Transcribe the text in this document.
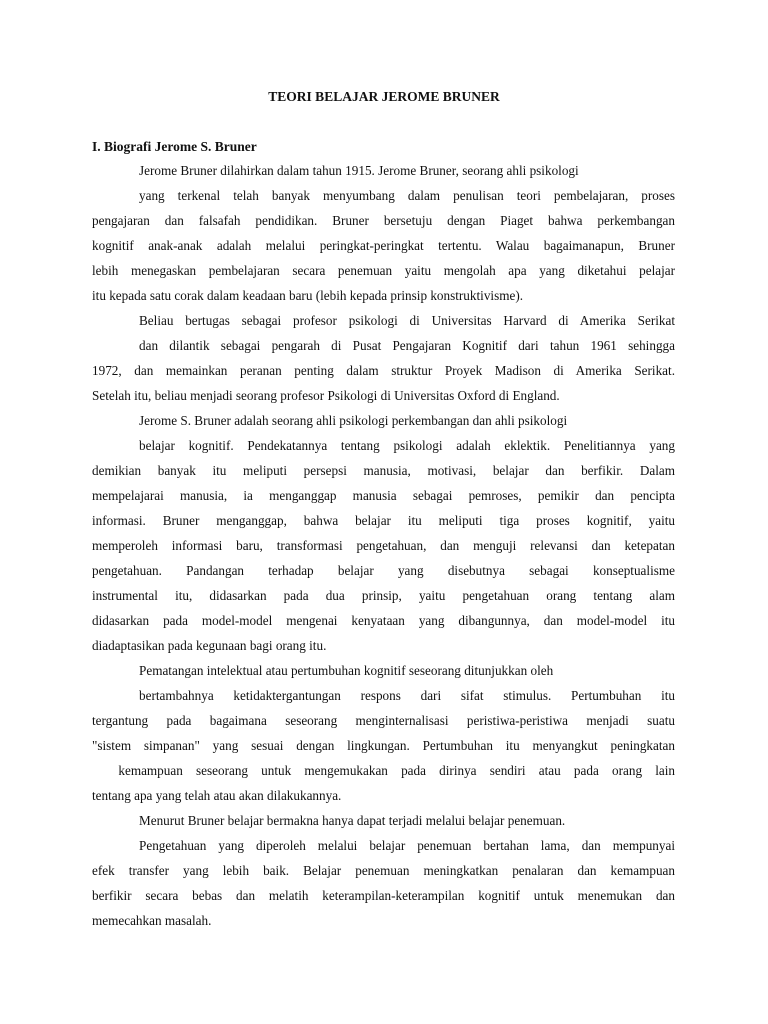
TEORI BELAJAR JEROME BRUNER
I. Biografi Jerome S. Bruner
Jerome Bruner dilahirkan dalam tahun 1915. Jerome Bruner, seorang ahli psikologi
yang terkenal telah banyak menyumbang dalam penulisan teori pembelajaran, proses
pengajaran dan falsafah pendidikan. Bruner bersetuju dengan Piaget bahwa perkembangan
kognitif anak-anak adalah melalui peringkat-peringkat tertentu. Walau bagaimanapun, Bruner
lebih menegaskan pembelajaran secara penemuan yaitu mengolah apa yang diketahui pelajar
itu kepada satu corak dalam keadaan baru (lebih kepada prinsip konstruktivisme).
Beliau bertugas sebagai profesor psikologi di Universitas Harvard di Amerika Serikat
dan dilantik sebagai pengarah di Pusat Pengajaran Kognitif dari tahun 1961 sehingga
1972, dan memainkan peranan penting dalam struktur Proyek Madison di Amerika Serikat.
Setelah itu, beliau menjadi seorang profesor Psikologi di Universitas Oxford di England.
Jerome S. Bruner adalah seorang ahli psikologi perkembangan dan ahli psikologi
belajar kognitif. Pendekatannya tentang psikologi adalah eklektik. Penelitiannya yang
demikian banyak itu meliputi persepsi manusia, motivasi, belajar dan berfikir. Dalam
mempelajarai manusia, ia menganggap manusia sebagai pemroses, pemikir dan pencipta
informasi. Bruner menganggap, bahwa belajar itu meliputi tiga proses kognitif, yaitu
memperoleh informasi baru, transformasi pengetahuan, dan menguji relevansi dan ketepatan
pengetahuan. Pandangan terhadap belajar yang disebutnya sebagai konseptualisme
instrumental itu, didasarkan pada dua prinsip, yaitu pengetahuan orang tentang alam
didasarkan pada model-model mengenai kenyataan yang dibangunnya, dan model-model itu
diadaptasikan pada kegunaan bagi orang itu.
Pematangan intelektual atau pertumbuhan kognitif seseorang ditunjukkan oleh
bertambahnya ketidaktergantungan respons dari sifat stimulus. Pertumbuhan itu
tergantung pada bagaimana seseorang menginternalisasi peristiwa-peristiwa menjadi suatu
"sistem simpanan" yang sesuai dengan lingkungan. Pertumbuhan itu menyangkut peningkatan
kemampuan seseorang untuk mengemukakan pada dirinya sendiri atau pada orang lain
tentang apa yang telah atau akan dilakukannya.
Menurut Bruner belajar bermakna hanya dapat terjadi melalui belajar penemuan.
Pengetahuan yang diperoleh melalui belajar penemuan bertahan lama, dan mempunyai
efek transfer yang lebih baik. Belajar penemuan meningkatkan penalaran dan kemampuan
berfikir secara bebas dan melatih keterampilan-keterampilan kognitif untuk menemukan dan
memecahkan masalah.
